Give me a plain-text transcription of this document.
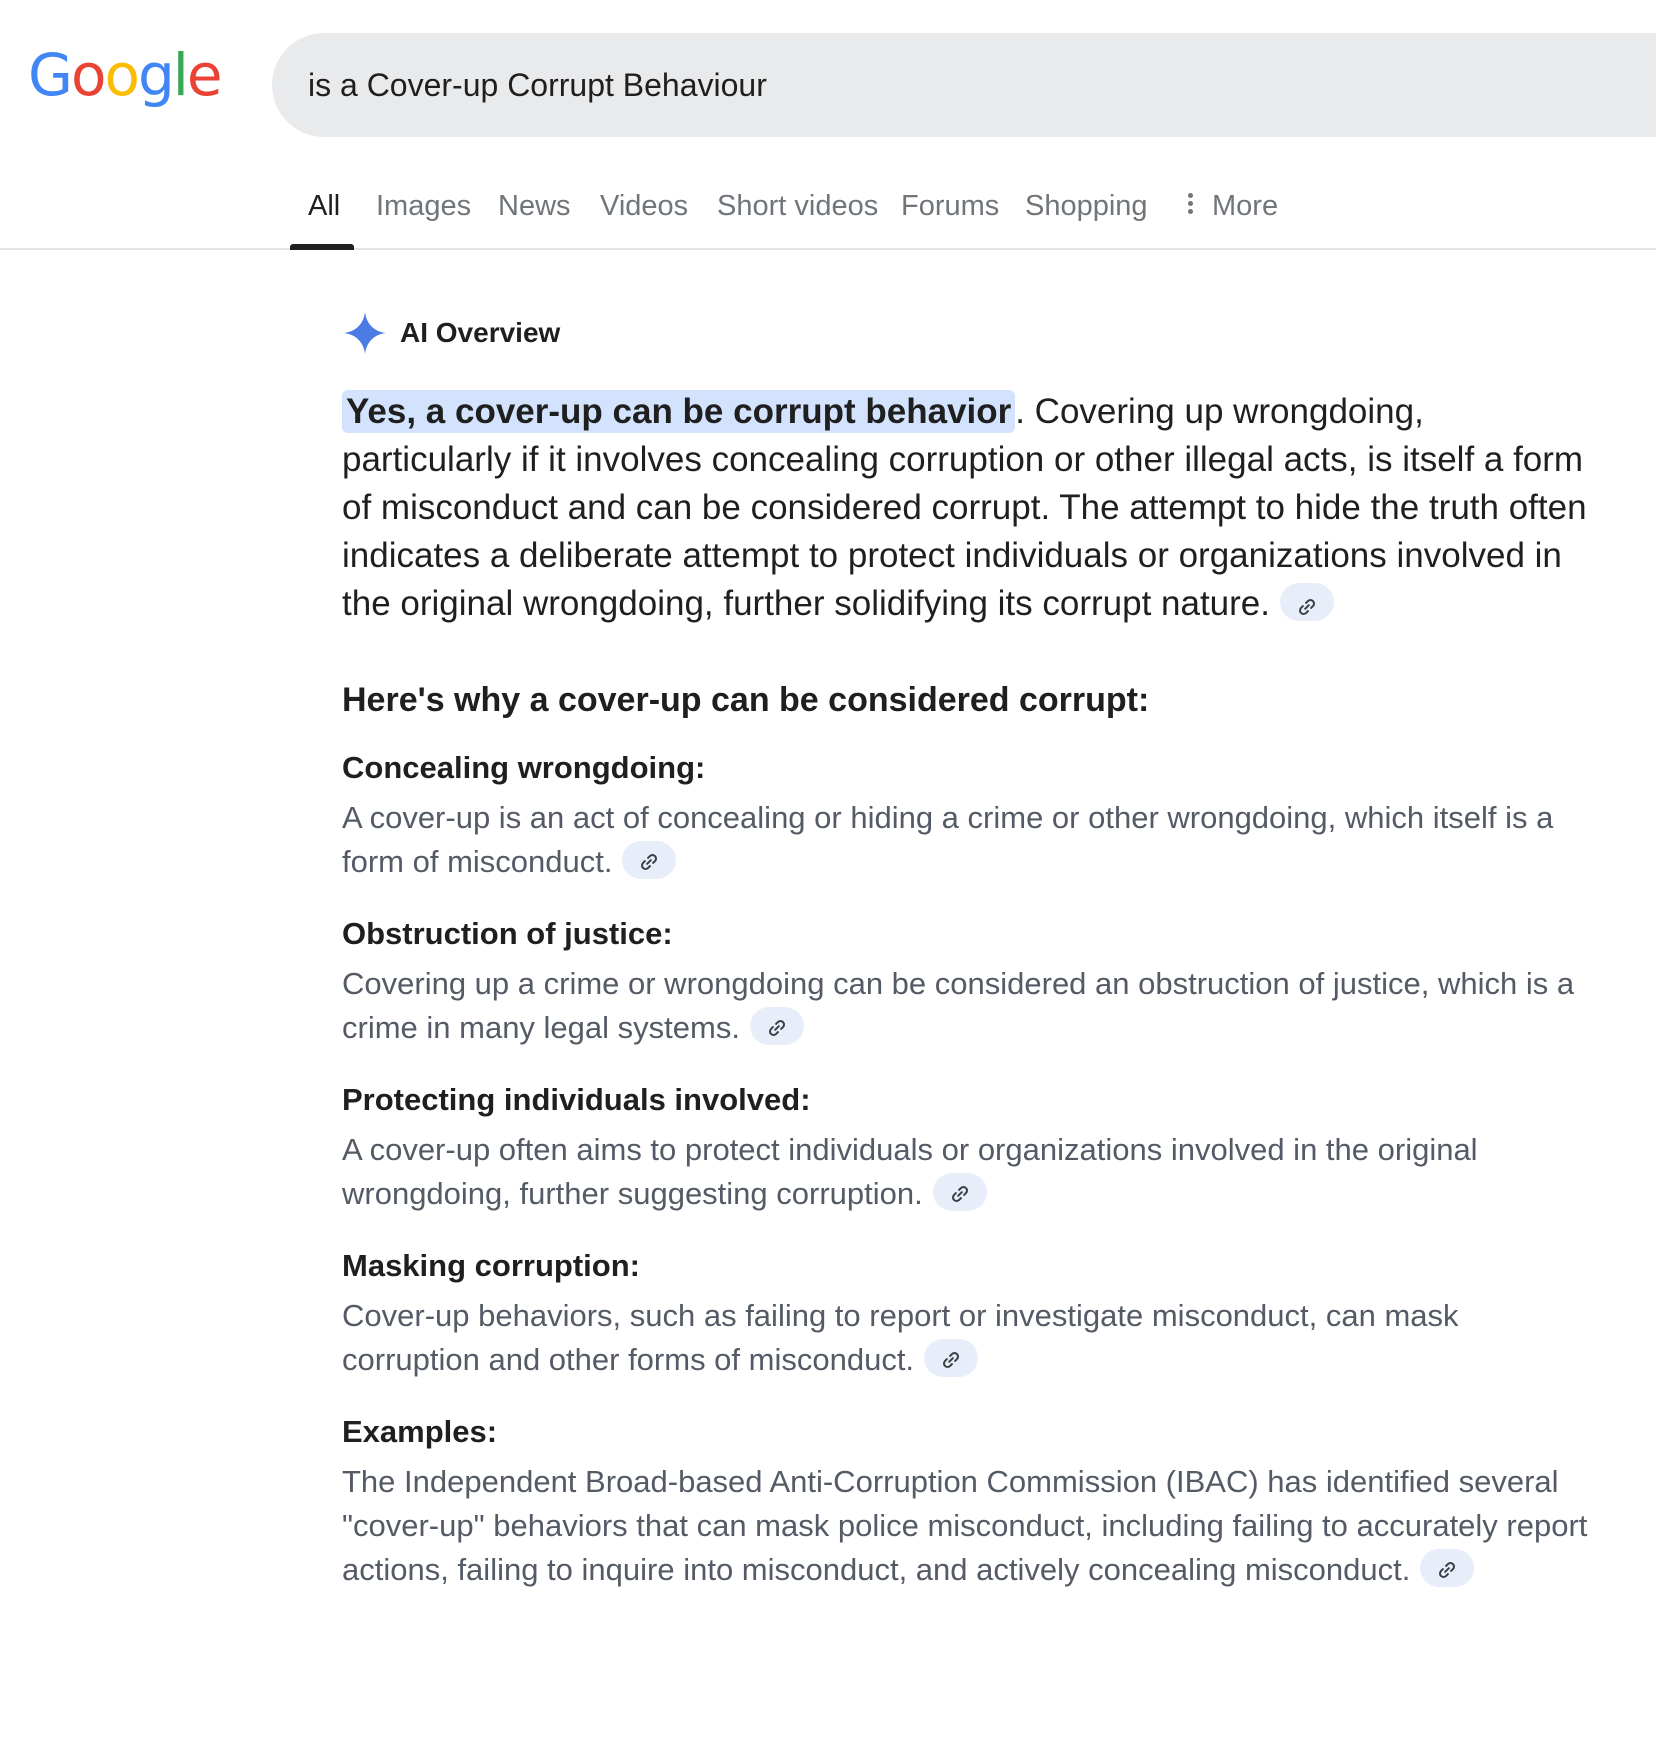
G o o g l e
is a Cover-up Corrupt Behaviour
All Images News Videos Short videos Forums Shopping	More
AI Overview

Yes, a cover-up can be corrupt behavior . Covering up wrongdoing, particularly if it involves concealing corruption or other illegal acts, is itself a form of misconduct and can be considered corrupt. The attempt to hide the truth often indicates a deliberate attempt to protect individuals or organizations involved in the original wrongdoing, further solidifying its corrupt nature.

Here's why a cover-up can be considered corrupt:
Concealing wrongdoing:
A cover-up is an act of concealing or hiding a crime or other wrongdoing, which itself is a form of misconduct.
Obstruction of justice:
Covering up a crime or wrongdoing can be considered an obstruction of justice, which is a crime in many legal systems.
Protecting individuals involved:
A cover-up often aims to protect individuals or organizations involved in the original wrongdoing, further suggesting corruption.
Masking corruption:
Cover-up behaviors, such as failing to report or investigate misconduct, can mask corruption and other forms of misconduct.
Examples:
The Independent Broad-based Anti-Corruption Commission (IBAC) has identified several "cover-up" behaviors that can mask police misconduct, including failing to accurately report actions, failing to inquire into misconduct, and actively concealing misconduct.
